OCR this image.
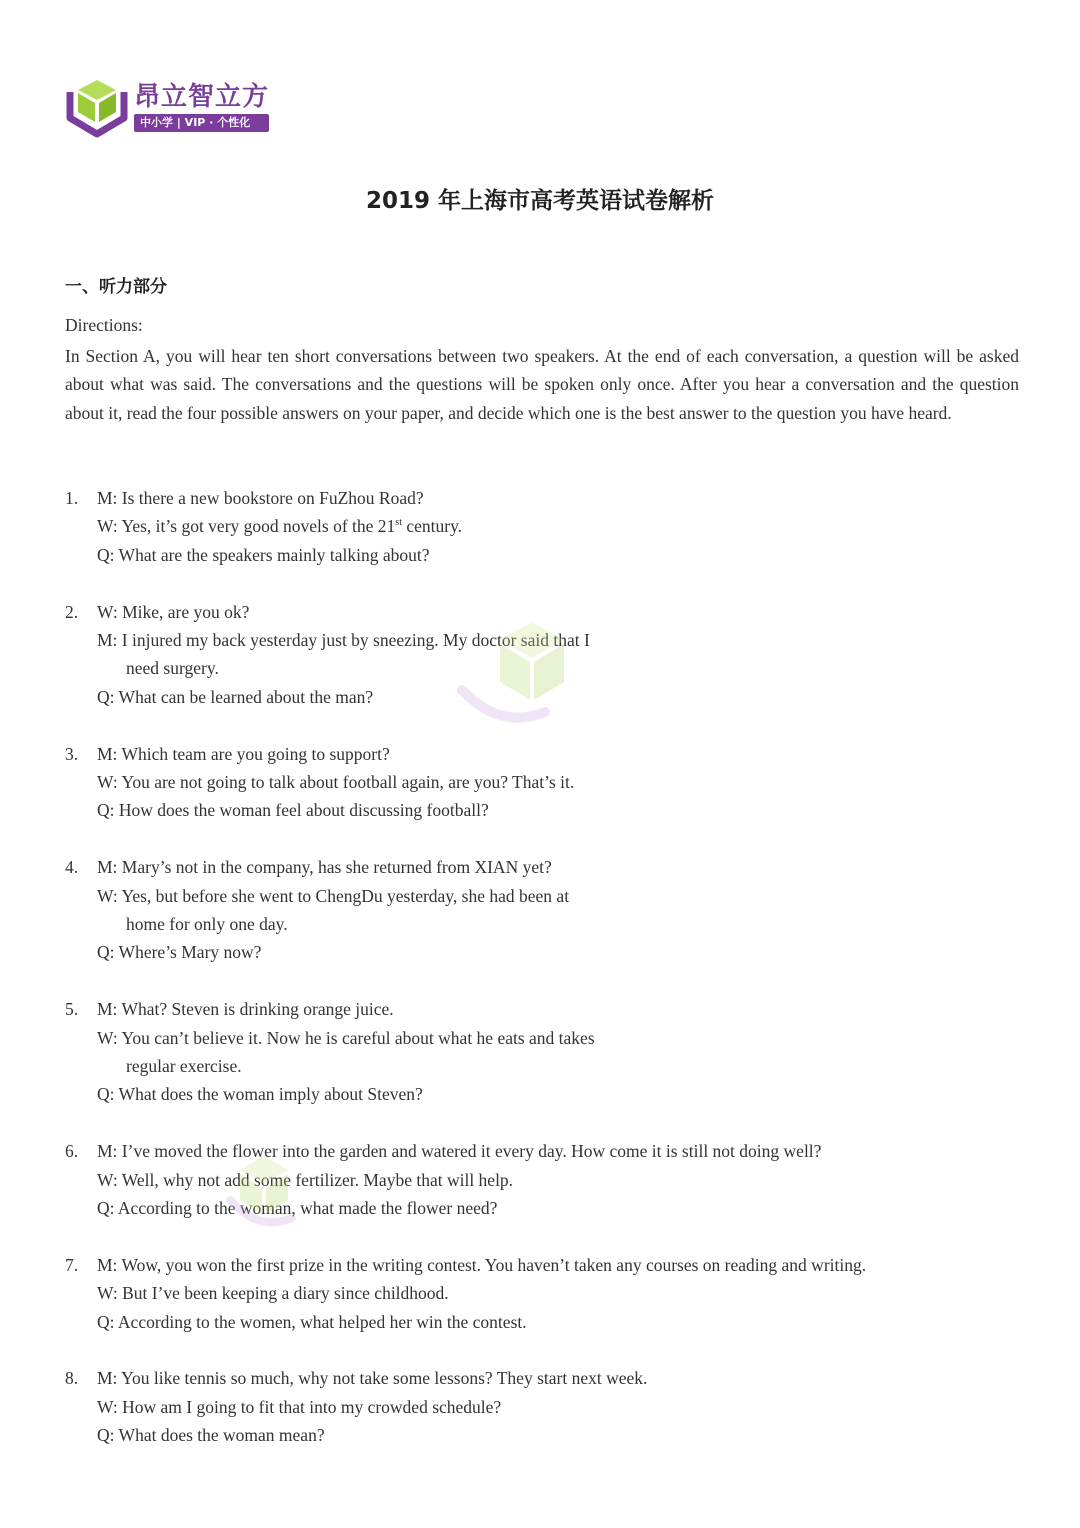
昂立智立方
中小学 | VIP · 个性化
2019 年上海市高考英语试卷解析
一、听力部分
Directions:
In Section A, you will hear ten short conversations between two speakers. At the end of each conversation, a question will be asked about what was said. The conversations and the questions will be spoken only once. After you hear a conversation and the question about it, read the four possible answers on your paper, and decide which one is the best answer to the question you have heard.
1.	M: Is there a new bookstore on FuZhou Road?
W: Yes, it’s got very good novels of the 21st century.
Q: What are the speakers mainly talking about?
2.	W: Mike, are you ok?
M: I injured my back yesterday just by sneezing. My doctor said that I
need surgery.
Q: What can be learned about the man?
3.	M: Which team are you going to support?
W: You are not going to talk about football again, are you? That’s it.
Q: How does the woman feel about discussing football?
4.	M: Mary’s not in the company, has she returned from XIAN yet?
W: Yes, but before she went to ChengDu yesterday, she had been at
home for only one day.
Q: Where’s Mary now?
5.	M: What? Steven is drinking orange juice.
W: You can’t believe it. Now he is careful about what he eats and takes
regular exercise.
Q: What does the woman imply about Steven?
6.	M: I’ve moved the flower into the garden and watered it every day. How come it is still not doing well?
W: Well, why not add some fertilizer. Maybe that will help.
Q: According to the woman, what made the flower need?
7.	M: Wow, you won the first prize in the writing contest. You haven’t taken any courses on reading and writing.
W: But I’ve been keeping a diary since childhood.
Q: According to the women, what helped her win the contest.
8.	M: You like tennis so much, why not take some lessons? They start next week.
W: How am I going to fit that into my crowded schedule?
Q: What does the woman mean?
